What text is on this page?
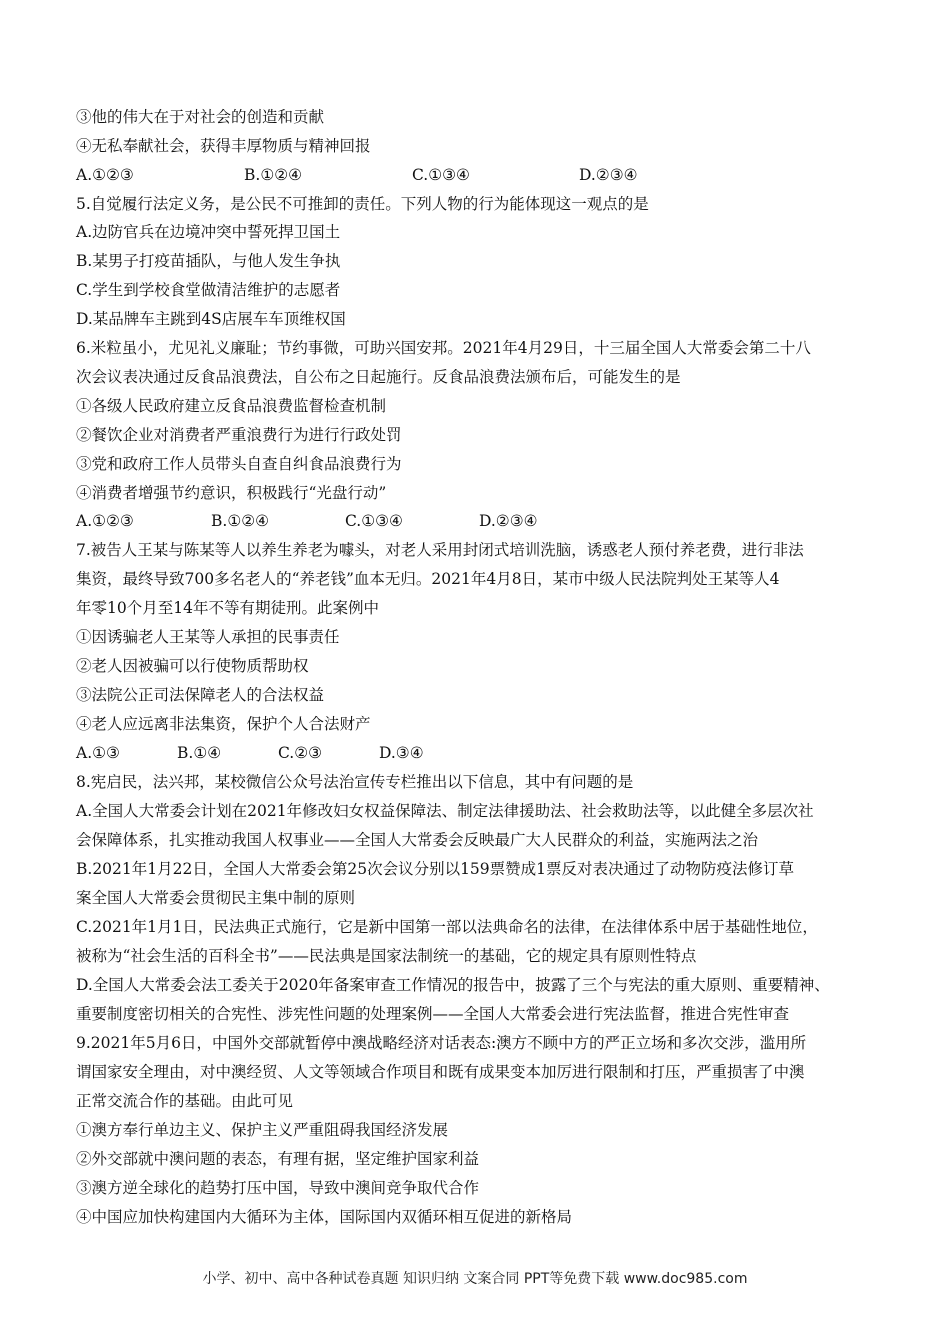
③他的伟大在于对社会的创造和贡献
④无私奉献社会，获得丰厚物质与精神回报
A.①②③	B.①②④	C.①③④	D.②③④
5.自觉履行法定义务，是公民不可推卸的责任。下列人物的行为能体现这一观点的是
A.边防官兵在边境冲突中誓死捍卫国土
B.某男子打疫苗插队，与他人发生争执
C.学生到学校食堂做清洁维护的志愿者
D.某品牌车主跳到4S店展车车顶维权国
6.米粒虽小，尤见礼义廉耻；节约事微，可助兴国安邦。2021年4月29日，十三届全国人大常委会第二十八
次会议表决通过反食品浪费法，自公布之日起施行。反食品浪费法颁布后，可能发生的是
①各级人民政府建立反食品浪费监督检查机制
②餐饮企业对消费者严重浪费行为进行行政处罚
③党和政府工作人员带头自查自纠食品浪费行为
④消费者增强节约意识，积极践行“光盘行动”
A.①②③	B.①②④	C.①③④	D.②③④
7.被告人王某与陈某等人以养生养老为噱头，对老人采用封闭式培训洗脑，诱惑老人预付养老费，进行非法
集资，最终导致700多名老人的“养老钱”血本无归。2021年4月8日，某市中级人民法院判处王某等人4
年零10个月至14年不等有期徒刑。此案例中
①因诱骗老人王某等人承担的民事责任
②老人因被骗可以行使物质帮助权
③法院公正司法保障老人的合法权益
④老人应远离非法集资，保护个人合法财产
A.①③	B.①④	C.②③	D.③④
8.宪启民，法兴邦，某校微信公众号法治宣传专栏推出以下信息，其中有问题的是
A.全国人大常委会计划在2021年修改妇女权益保障法、制定法律援助法、社会救助法等，以此健全多层次社
会保障体系，扎实推动我国人权事业——全国人大常委会反映最广大人民群众的利益，实施两法之治
B.2021年1月22日，全国人大常委会第25次会议分别以159票赞成1票反对表决通过了动物防疫法修订草
案全国人大常委会贯彻民主集中制的原则
C.2021年1月1日，民法典正式施行，它是新中国第一部以法典命名的法律，在法律体系中居于基础性地位，
被称为“社会生活的百科全书”——民法典是国家法制统一的基础，它的规定具有原则性特点
D.全国人大常委会法工委关于2020年备案审查工作情况的报告中，披露了三个与宪法的重大原则、重要精神、
重要制度密切相关的合宪性、涉宪性问题的处理案例——全国人大常委会进行宪法监督，推进合宪性审查
9.2021年5月6日，中国外交部就暂停中澳战略经济对话表态:澳方不顾中方的严正立场和多次交涉，滥用所
谓国家安全理由，对中澳经贸、人文等领域合作项目和既有成果变本加厉进行限制和打压，严重损害了中澳
正常交流合作的基础。由此可见
①澳方奉行单边主义、保护主义严重阻碍我国经济发展
②外交部就中澳问题的表态，有理有据，坚定维护国家利益
③澳方逆全球化的趋势打压中国，导致中澳间竞争取代合作
④中国应加快构建国内大循环为主体，国际国内双循环相互促进的新格局
小学、初中、高中各种试卷真题 知识归纳 文案合同 PPT等免费下载 www.doc985.com
